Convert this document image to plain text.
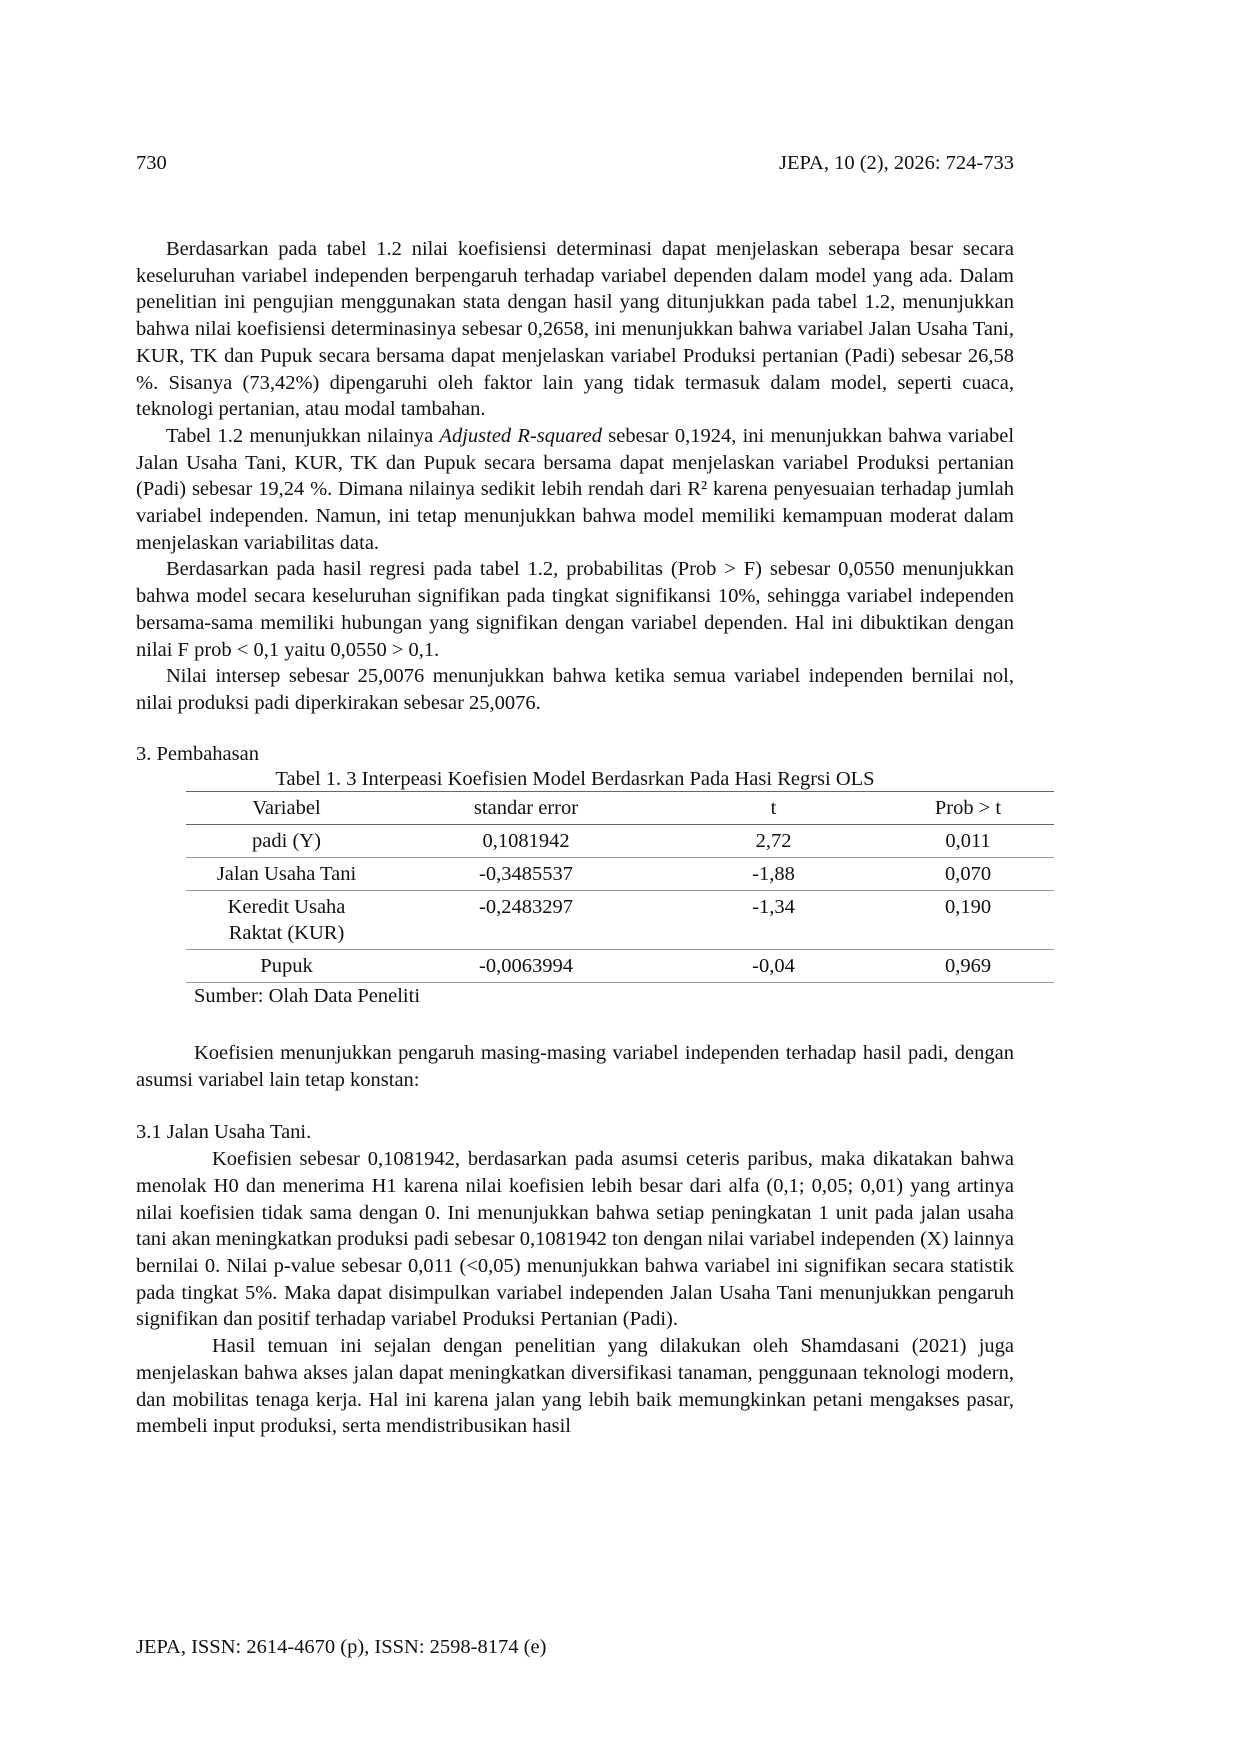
730	JEPA, 10 (2), 2026: 724-733

Berdasarkan pada tabel 1.2 nilai koefisiensi determinasi dapat menjelaskan seberapa besar secara keseluruhan variabel independen berpengaruh terhadap variabel dependen dalam model yang ada. Dalam penelitian ini pengujian menggunakan stata dengan hasil yang ditunjukkan pada tabel 1.2, menunjukkan bahwa nilai koefisiensi determinasinya sebesar 0,2658, ini menunjukkan bahwa variabel Jalan Usaha Tani, KUR, TK dan Pupuk secara bersama dapat menjelaskan variabel Produksi pertanian (Padi) sebesar 26,58 %. Sisanya (73,42%) dipengaruhi oleh faktor lain yang tidak termasuk dalam model, seperti cuaca, teknologi pertanian, atau modal tambahan.

Tabel 1.2 menunjukkan nilainya Adjusted R-squared sebesar 0,1924, ini menunjukkan bahwa variabel Jalan Usaha Tani, KUR, TK dan Pupuk secara bersama dapat menjelaskan variabel Produksi pertanian (Padi) sebesar 19,24 %. Dimana nilainya sedikit lebih rendah dari R² karena penyesuaian terhadap jumlah variabel independen. Namun, ini tetap menunjukkan bahwa model memiliki kemampuan moderat dalam menjelaskan variabilitas data.

Berdasarkan pada hasil regresi pada tabel 1.2, probabilitas (Prob > F) sebesar 0,0550 menunjukkan bahwa model secara keseluruhan signifikan pada tingkat signifikansi 10%, sehingga variabel independen bersama-sama memiliki hubungan yang signifikan dengan variabel dependen. Hal ini dibuktikan dengan nilai F prob < 0,1 yaitu 0,0550 > 0,1.

Nilai intersep sebesar 25,0076 menunjukkan bahwa ketika semua variabel independen bernilai nol, nilai produksi padi diperkirakan sebesar 25,0076.

3. Pembahasan
Tabel 1. 3 Interpeasi Koefisien Model Berdasrkan Pada Hasi Regrsi OLS
Variabel	standar error	t	Prob > t
padi (Y)	0,1081942	2,72	0,011
Jalan Usaha Tani	-0,3485537	-1,88	0,070
Keredit Usaha Raktat (KUR)	-0,2483297	-1,34	0,190
Pupuk	-0,0063994	-0,04	0,969
Sumber: Olah Data Peneliti

Koefisien menunjukkan pengaruh masing-masing variabel independen terhadap hasil padi, dengan asumsi variabel lain tetap konstan:

3.1 Jalan Usaha Tani.

Koefisien sebesar 0,1081942, berdasarkan pada asumsi ceteris paribus, maka dikatakan bahwa menolak H0 dan menerima H1 karena nilai koefisien lebih besar dari alfa (0,1; 0,05; 0,01) yang artinya nilai koefisien tidak sama dengan 0. Ini menunjukkan bahwa setiap peningkatan 1 unit pada jalan usaha tani akan meningkatkan produksi padi sebesar 0,1081942 ton dengan nilai variabel independen (X) lainnya bernilai 0. Nilai p-value sebesar 0,011 (<0,05) menunjukkan bahwa variabel ini signifikan secara statistik pada tingkat 5%. Maka dapat disimpulkan variabel independen Jalan Usaha Tani menunjukkan pengaruh signifikan dan positif terhadap variabel Produksi Pertanian (Padi).

Hasil temuan ini sejalan dengan penelitian yang dilakukan oleh Shamdasani (2021) juga menjelaskan bahwa akses jalan dapat meningkatkan diversifikasi tanaman, penggunaan teknologi modern, dan mobilitas tenaga kerja. Hal ini karena jalan yang lebih baik memungkinkan petani mengakses pasar, membeli input produksi, serta mendistribusikan hasil

JEPA, ISSN: 2614-4670 (p), ISSN: 2598-8174 (e)
